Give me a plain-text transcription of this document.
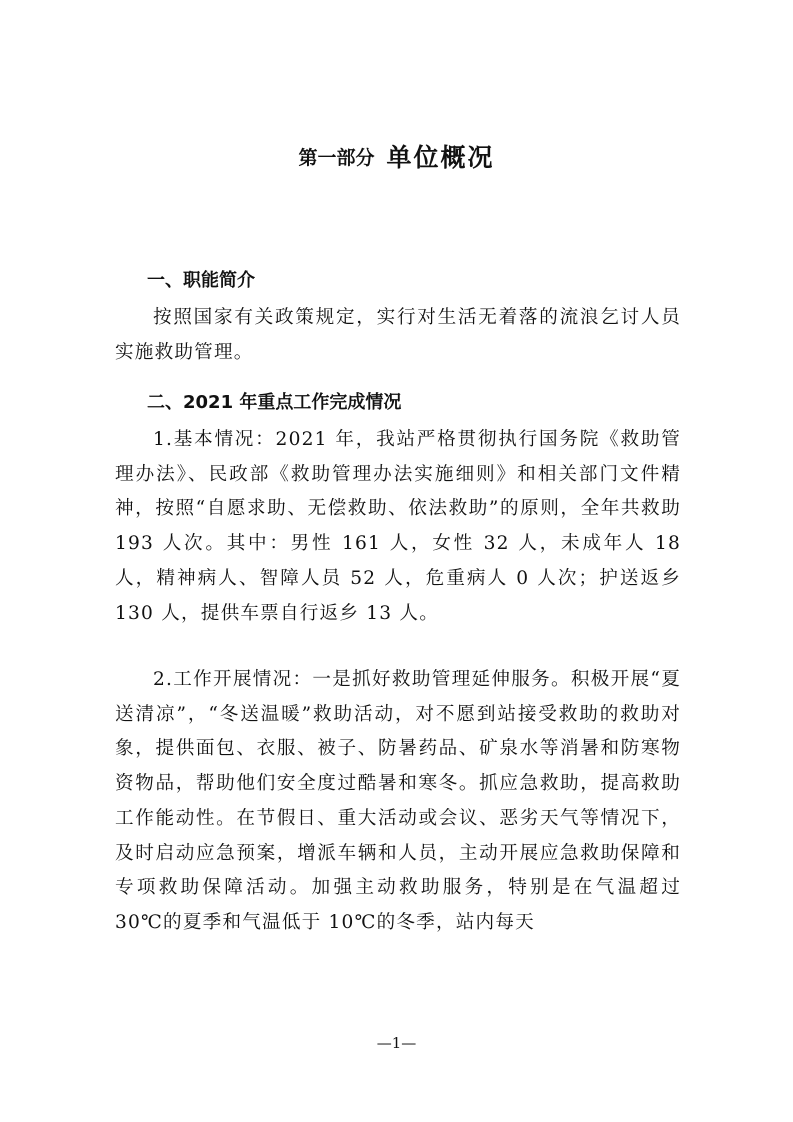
第一部分 单位概况
一、职能简介
按照国家有关政策规定，实行对生活无着落的流浪乞讨人员实施救助管理。
二、2021 年重点工作完成情况
1.基本情况：2021 年，我站严格贯彻执行国务院《救助管理办法》、民政部《救助管理办法实施细则》和相关部门文件精神，按照“自愿求助、无偿救助、依法救助”的原则，全年共救助 193 人次。其中：男性 161 人，女性 32 人，未成年人 18 人，精神病人、智障人员 52 人，危重病人 0 人次；护送返乡 130 人，提供车票自行返乡 13 人。
2.工作开展情况：一是抓好救助管理延伸服务。积极开展“夏送清凉”，“冬送温暖”救助活动，对不愿到站接受救助的救助对象，提供面包、衣服、被子、防暑药品、矿泉水等消暑和防寒物资物品，帮助他们安全度过酷暑和寒冬。抓应急救助，提高救助工作能动性。在节假日、重大活动或会议、恶劣天气等情况下，及时启动应急预案，增派车辆和人员，主动开展应急救助保障和专项救助保障活动。加强主动救助服务，特别是在气温超过 30℃的夏季和气温低于 10℃的冬季，站内每天
—1—
